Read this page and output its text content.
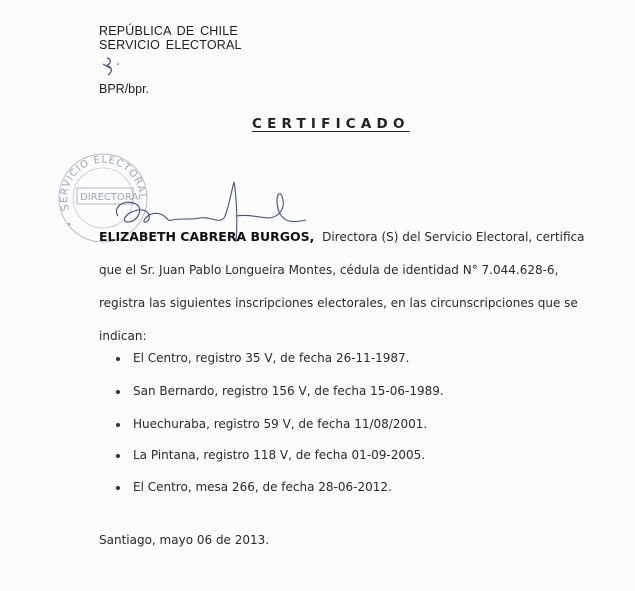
REPÚBLICA DE CHILE
SERVICIO ELECTORAL
BPR/bpr.
CERTIFICADO
SERVICIO ELECTORAL
DIRECTORA
ELIZABETH CABRERA BURGOS, Directora (S) del Servicio Electoral, certifica
que el Sr. Juan Pablo Longueira Montes, cédula de identidad N° 7.044.628-6,
registra las siguientes inscripciones electorales, en las circunscripciones que se
indican:
El Centro, registro 35 V, de fecha 26-11-1987.
San Bernardo, registro 156 V, de fecha 15-06-1989.
Huechuraba, registro 59 V, de fecha 11/08/2001.
La Pintana, registro 118 V, de fecha 01-09-2005.
El Centro, mesa 266, de fecha 28-06-2012.
Santiago, mayo 06 de 2013.
